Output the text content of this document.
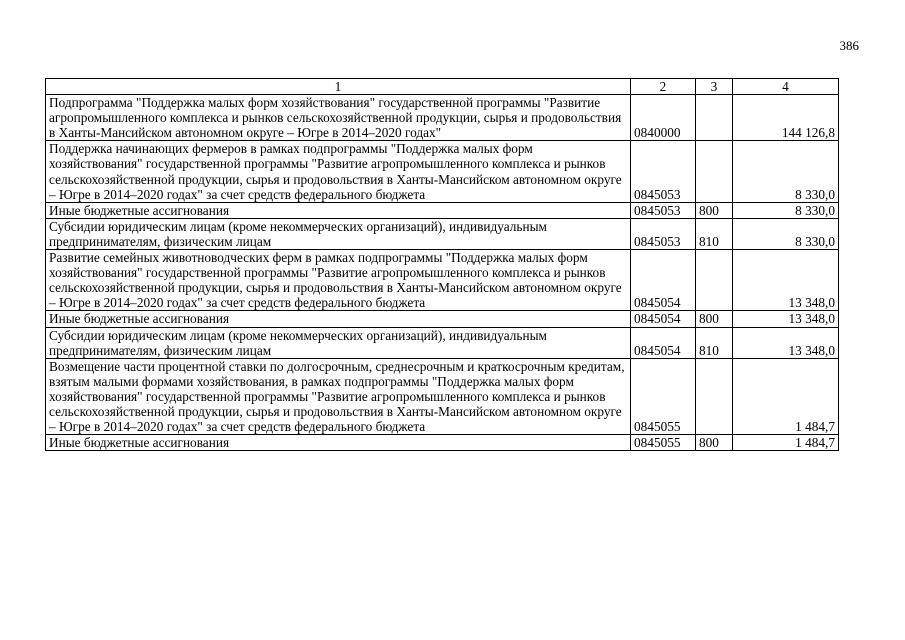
386
1	2	3	4
Подпрограмма "Поддержка малых форм хозяйствования" государственной программы "Развитие агропромышленного комплекса и рынков сельскохозяйственной продукции, сырья и продовольствия в Ханты-Мансийском автономном округе – Югре в 2014–2020 годах"	0840000		144 126,8
Поддержка начинающих фермеров в рамках подпрограммы "Поддержка малых форм хозяйствования" государственной программы "Развитие агропромышленного комплекса и рынков сельскохозяйственной продукции, сырья и продовольствия в Ханты-Мансийском автономном округе – Югре в 2014–2020 годах" за счет средств федерального бюджета	0845053		8 330,0
Иные бюджетные ассигнования	0845053	800	8 330,0
Субсидии юридическим лицам (кроме некоммерческих организаций), индивидуальным предпринимателям, физическим лицам	0845053	810	8 330,0
Развитие семейных животноводческих ферм в рамках подпрограммы "Поддержка малых форм хозяйствования" государственной программы "Развитие агропромышленного комплекса и рынков сельскохозяйственной продукции, сырья и продовольствия в Ханты-Мансийском автономном округе – Югре в 2014–2020 годах" за счет средств федерального бюджета	0845054		13 348,0
Иные бюджетные ассигнования	0845054	800	13 348,0
Субсидии юридическим лицам (кроме некоммерческих организаций), индивидуальным предпринимателям, физическим лицам	0845054	810	13 348,0
Возмещение части процентной ставки по долгосрочным, среднесрочным и краткосрочным кредитам, взятым малыми формами хозяйствования, в рамках подпрограммы "Поддержка малых форм хозяйствования" государственной программы "Развитие агропромышленного комплекса и рынков сельскохозяйственной продукции, сырья и продовольствия в Ханты-Мансийском автономном округе – Югре в 2014–2020 годах" за счет средств федерального бюджета	0845055		1 484,7
Иные бюджетные ассигнования	0845055	800	1 484,7
